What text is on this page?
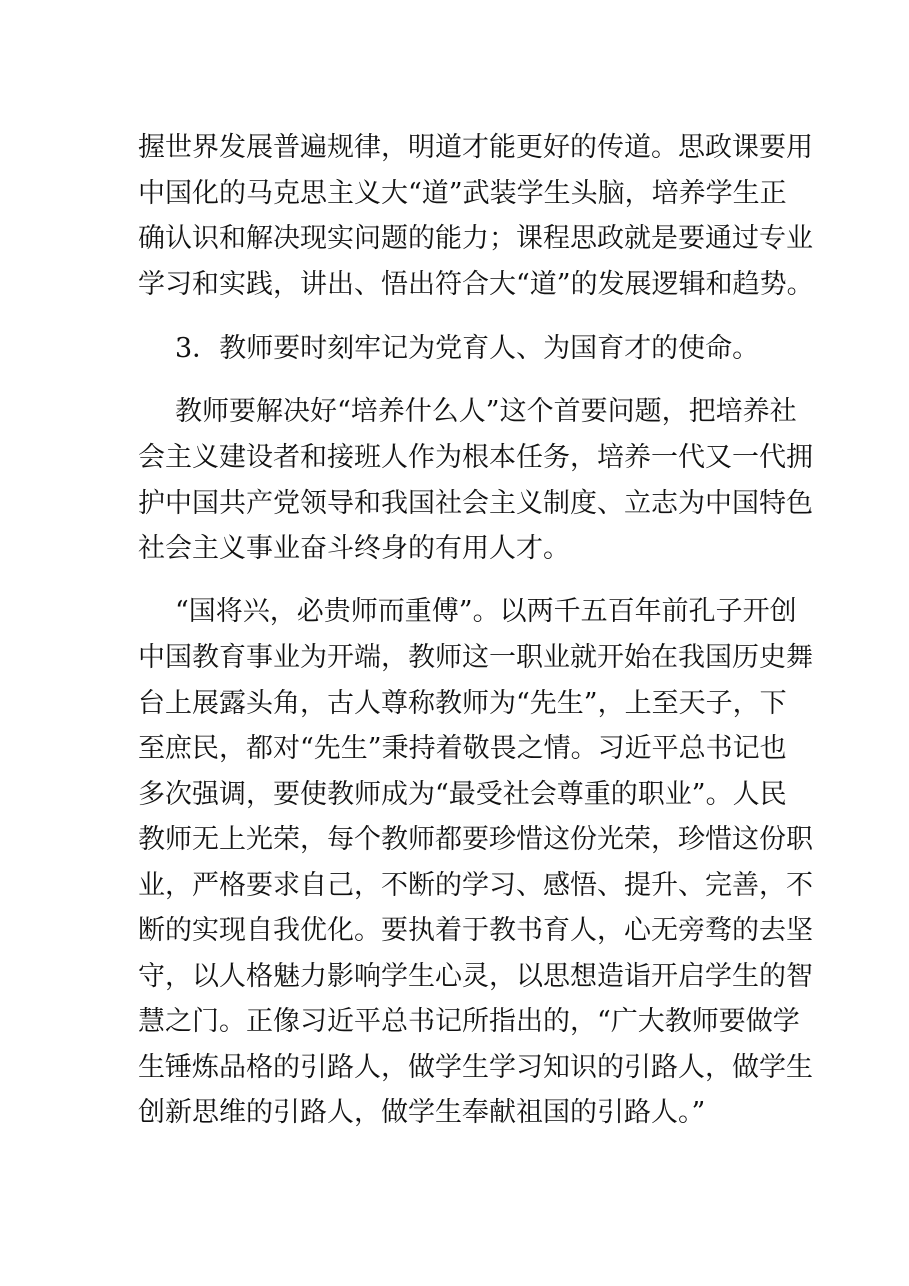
握世界发展普遍规律，明道才能更好的传道。思政课要用
中国化的马克思主义大“道”武装学生头脑，培养学生正
确认识和解决现实问题的能力；课程思政就是要通过专业
学习和实践，讲出、悟出符合大“道”的发展逻辑和趋势。
3．教师要时刻牢记为党育人、为国育才的使命。
教师要解决好“培养什么人”这个首要问题，把培养社
会主义建设者和接班人作为根本任务，培养一代又一代拥
护中国共产党领导和我国社会主义制度、立志为中国特色
社会主义事业奋斗终身的有用人才。
“国将兴，必贵师而重傅”。以两千五百年前孔子开创
中国教育事业为开端，教师这一职业就开始在我国历史舞
台上展露头角，古人尊称教师为“先生”，上至天子，下
至庶民，都对“先生”秉持着敬畏之情。习近平总书记也
多次强调，要使教师成为“最受社会尊重的职业”。人民
教师无上光荣，每个教师都要珍惜这份光荣，珍惜这份职
业，严格要求自己，不断的学习、感悟、提升、完善，不
断的实现自我优化。要执着于教书育人，心无旁骛的去坚
守，以人格魅力影响学生心灵，以思想造诣开启学生的智
慧之门。正像习近平总书记所指出的，“广大教师要做学
生锤炼品格的引路人，做学生学习知识的引路人，做学生
创新思维的引路人，做学生奉献祖国的引路人。”
